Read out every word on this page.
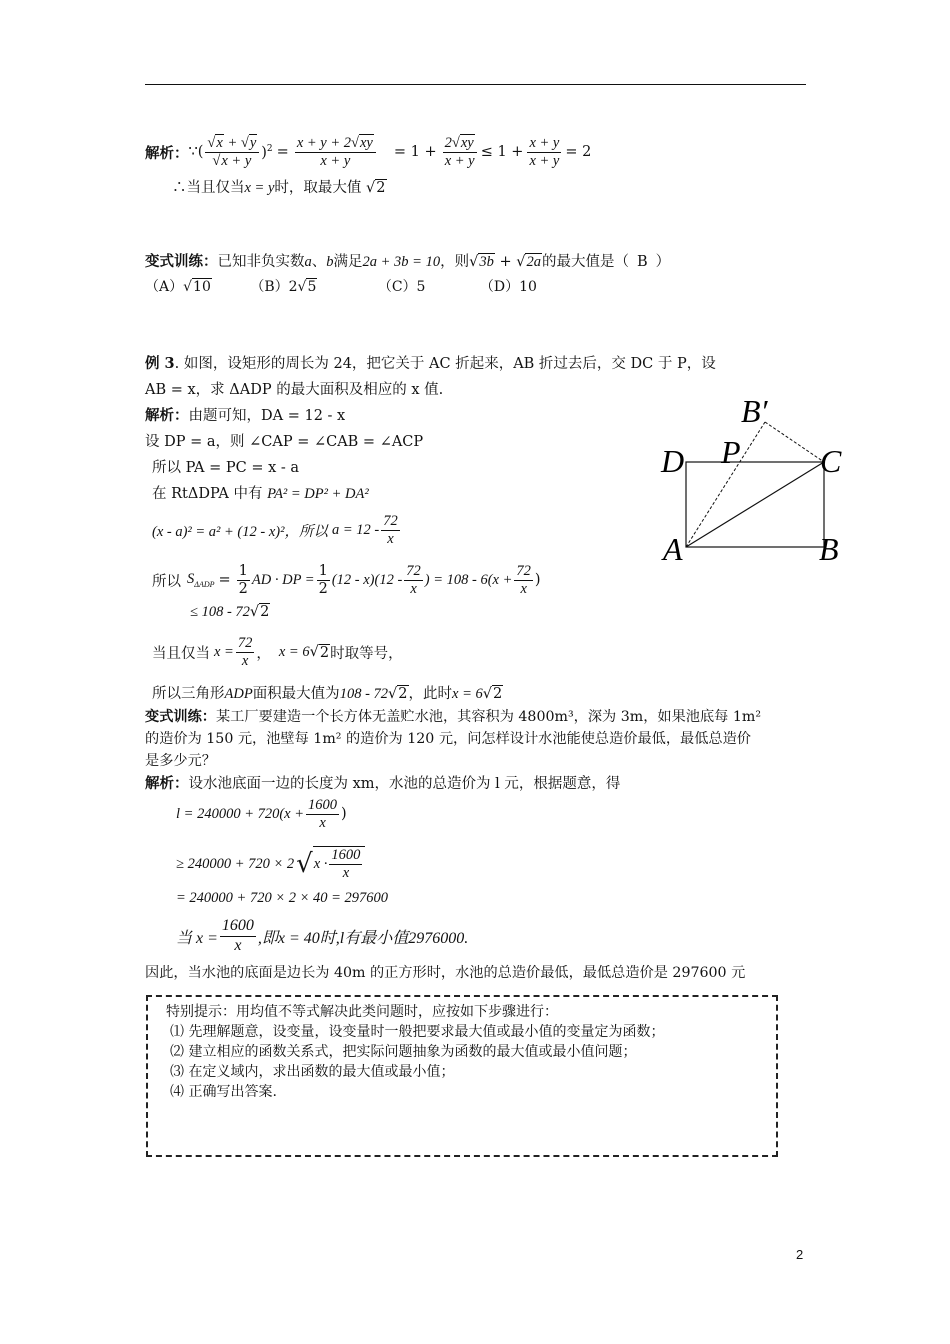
解析： ∵ ( $\frac{√x + √y}{√x + y} )^2 = \frac{x + y + 2√xy}{x + y} = 1 + \frac{2√xy}{x + y} \le 1 + \frac{x + y}{x + y} = 2$
∴当且仅当x = y时，取最大值 √2
变式训练：已知非负实数a、b满足2a + 3b = 10，则√3b + √2a的最大值是（ B ）
（A）√10	（B）2√5	（C）5	（D）10
例 3. 如图，设矩形的周长为 24，把它关于 AC 折起来，AB 折过去后，交 DC 于 P，设
AB = x，求 ΔADP 的最大面积及相应的 x 值.
解析：由题可知，DA = 12 - x
设 DP = a，则 ∠CAP = ∠CAB = ∠ACP
所以 PA = PC = x - a
在 RtΔDPA 中有 PA² = DP² + DA²
(x - a)² = a² + (12 - x)²，所以 $a = 12 - \frac{72}{x}$
所以 $S_{\Delta ADP} = \frac{1}{2}$ AD · DP = $\frac{1}{2} (12 - x)(12 - \frac{72}{x}$ ) = $108 - 6(x + \frac{72}{x}$ )
≤ 108 - 72√2
当且仅当 $x = \frac{72}{x}$ ， x = 6 √ 2 时取等号，
所以三角形ADP面积最大值为108 - 72√2，此时x = 6√2
B′
P
D	C
A	B
变式训练：某工厂要建造一个长方体无盖贮水池，其容积为 4800m³，深为 3m，如果池底每 1m²
的造价为 150 元，池壁每 1m² 的造价为 120 元，问怎样设计水池能使总造价最低，最低总造价
是多少元？
解析：设水池底面一边的长度为 xm，水池的总造价为 l 元，根据题意，得
$l = 240000 + 720(x + \frac{1600}{x}$ )
≥ 240000 + 720 × 2 √ $x \cdot \frac{1600}{x}$
= 240000 + 720 × 2 × 40 = 297600
当 $x = \frac{1600}{x}$ ,即x = 40时,l有最小值2976000.
因此，当水池的底面是边长为 40m 的正方形时，水池的总造价最低，最低总造价是 297600 元
特别提示：用均值不等式解决此类问题时，应按如下步骤进行：
⑴ 先理解题意，设变量，设变量时一般把要求最大值或最小值的变量定为函数；
⑵ 建立相应的函数关系式，把实际问题抽象为函数的最大值或最小值问题；
⑶ 在定义域内，求出函数的最大值或最小值；
⑷ 正确写出答案.
2
